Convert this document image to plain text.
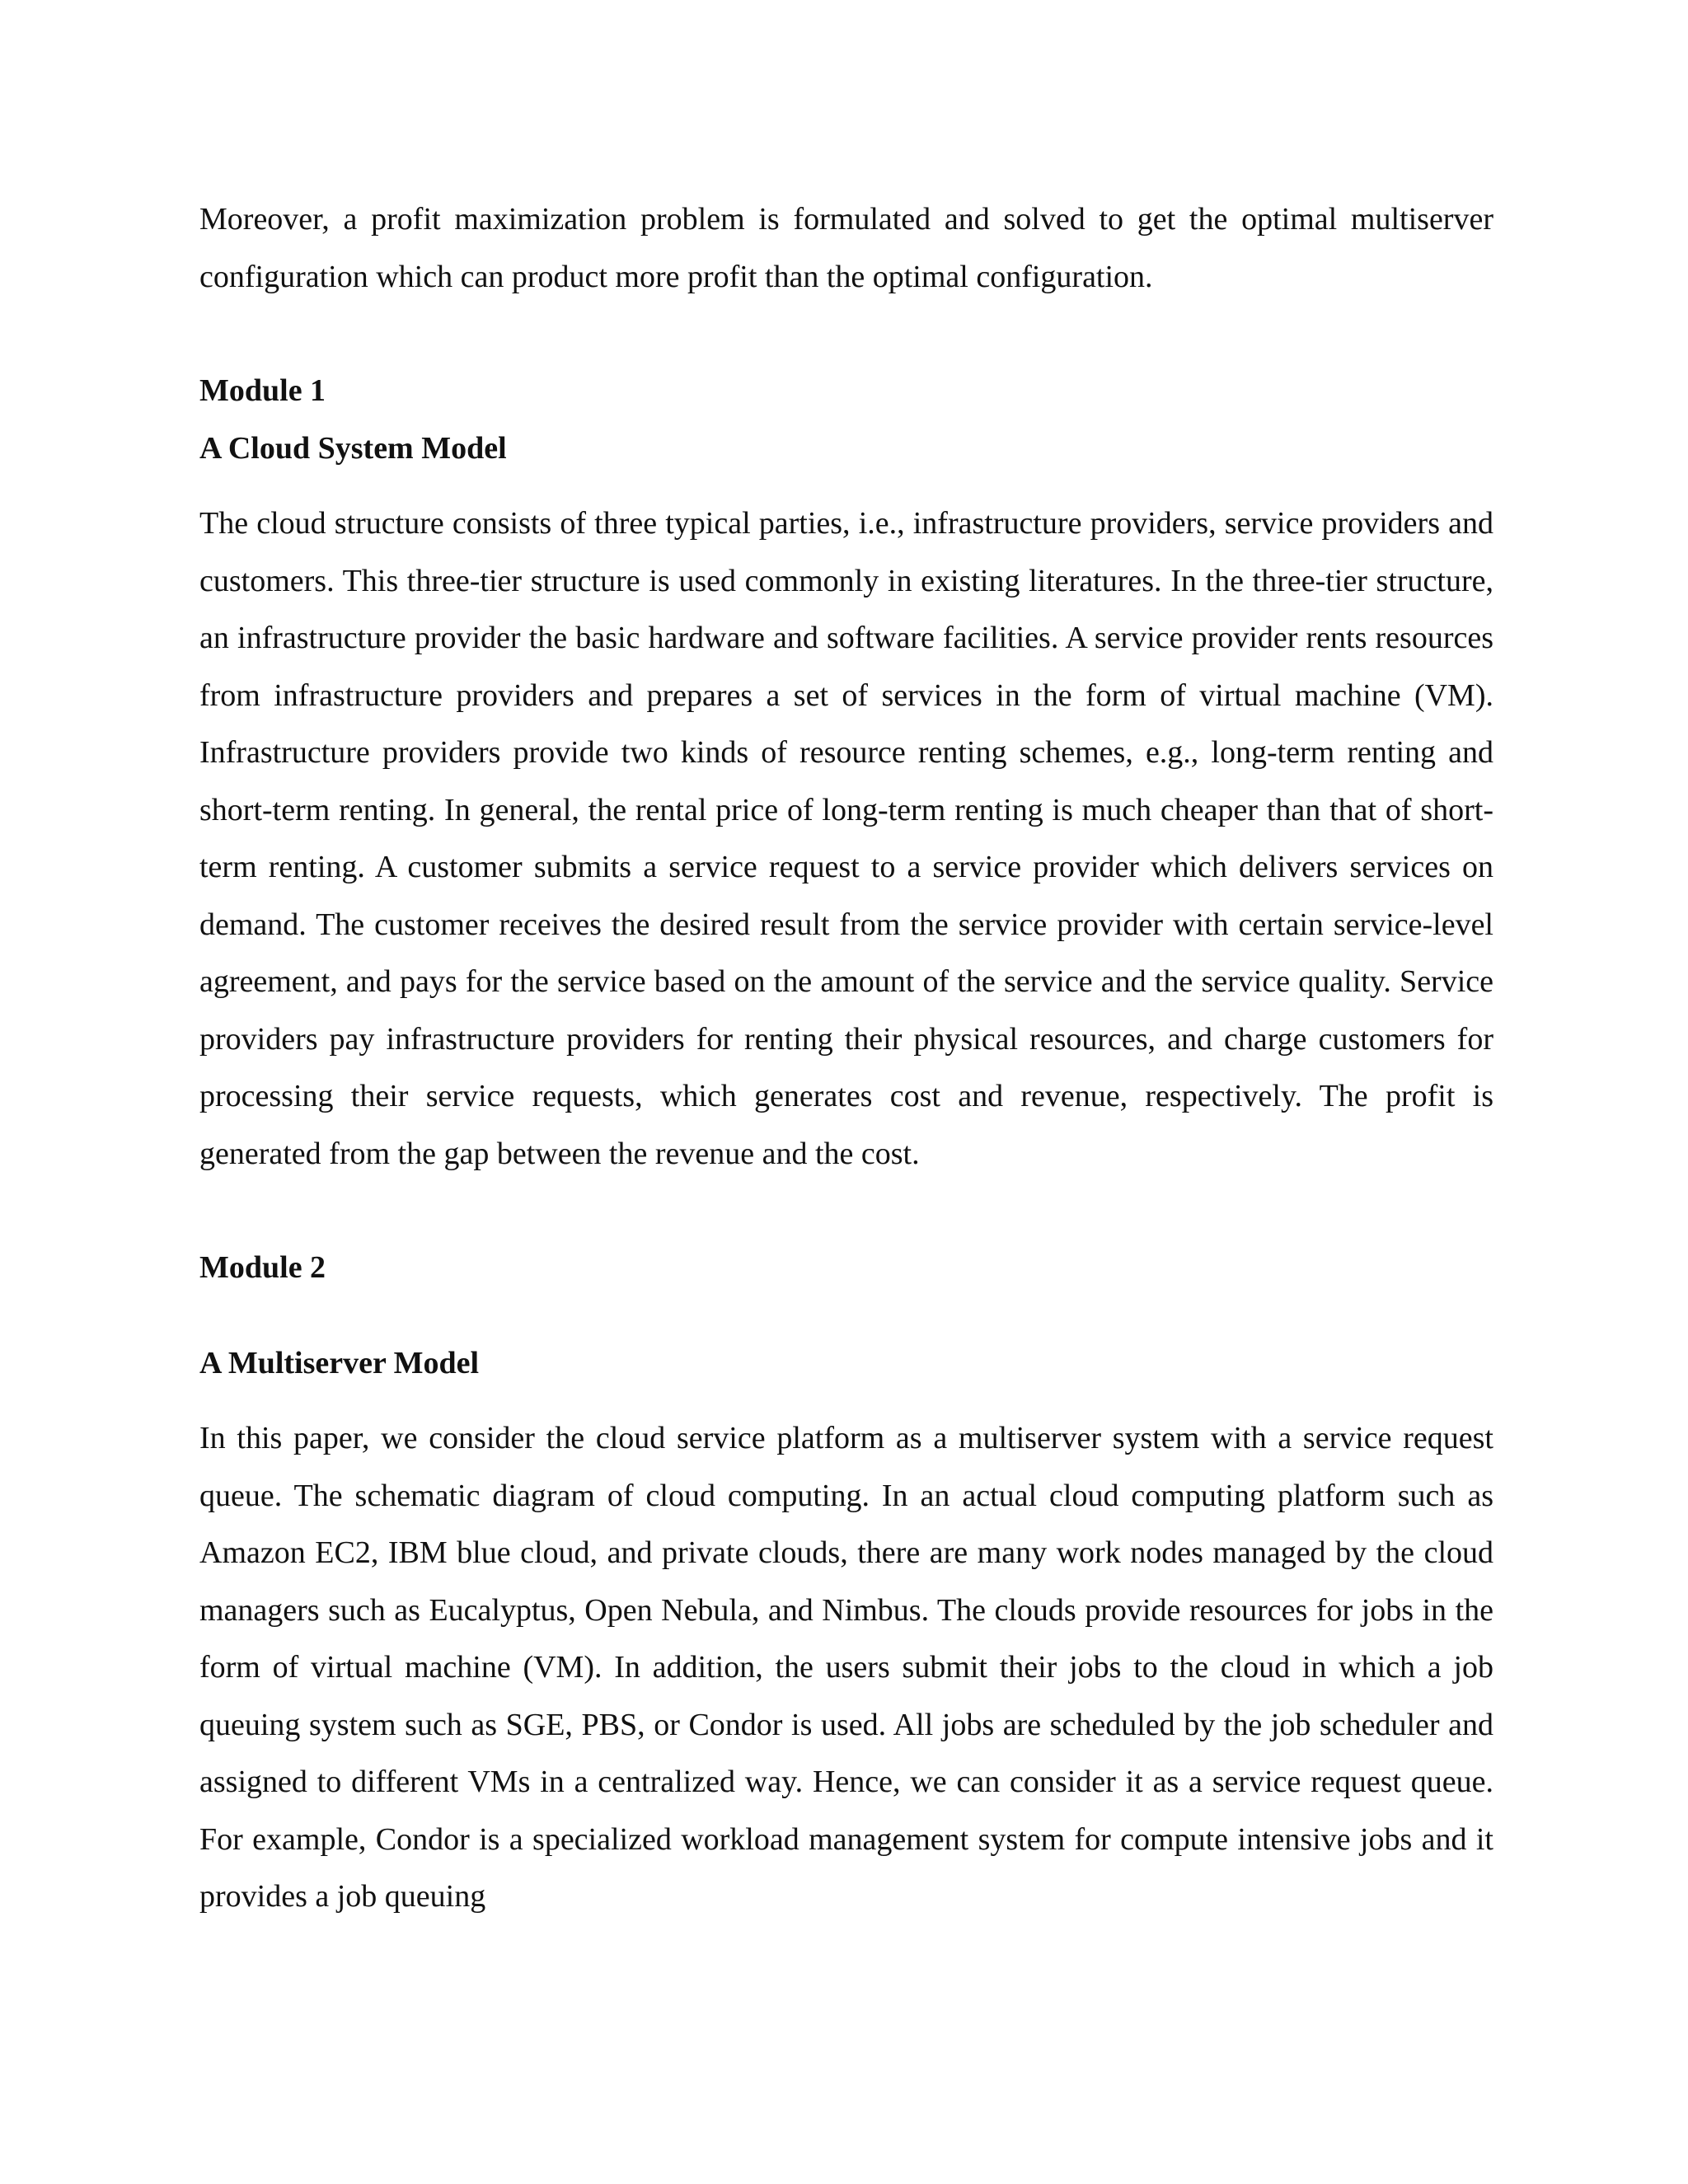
Moreover, a profit maximization problem is formulated and solved to get the optimal multiserver configuration which can product more profit than the optimal configuration.

Module 1
A Cloud System Model

The cloud structure consists of three typical parties, i.e., infrastructure providers, service providers and customers. This three-tier structure is used commonly in existing literatures. In the three-tier structure, an infrastructure provider the basic hardware and software facilities. A service provider rents resources from infrastructure providers and prepares a set of services in the form of virtual machine (VM). Infrastructure providers provide two kinds of resource renting schemes, e.g., long-term renting and short-term renting. In general, the rental price of long-term renting is much cheaper than that of short-term renting. A customer submits a service request to a service provider which delivers services on demand. The customer receives the desired result from the service provider with certain service-level agreement, and pays for the service based on the amount of the service and the service quality. Service providers pay infrastructure providers for renting their physical resources, and charge customers for processing their service requests, which generates cost and revenue, respectively. The profit is generated from the gap between the revenue and the cost.

Module 2
A Multiserver Model

In this paper, we consider the cloud service platform as a multiserver system with a service request queue. The schematic diagram of cloud computing. In an actual cloud computing platform such as Amazon EC2, IBM blue cloud, and private clouds, there are many work nodes managed by the cloud managers such as Eucalyptus, Open Nebula, and Nimbus. The clouds provide resources for jobs in the form of virtual machine (VM). In addition, the users submit their jobs to the cloud in which a job queuing system such as SGE, PBS, or Condor is used. All jobs are scheduled by the job scheduler and assigned to different VMs in a centralized way. Hence, we can consider it as a service request queue. For example, Condor is a specialized workload management system for compute intensive jobs and it provides a job queuing
